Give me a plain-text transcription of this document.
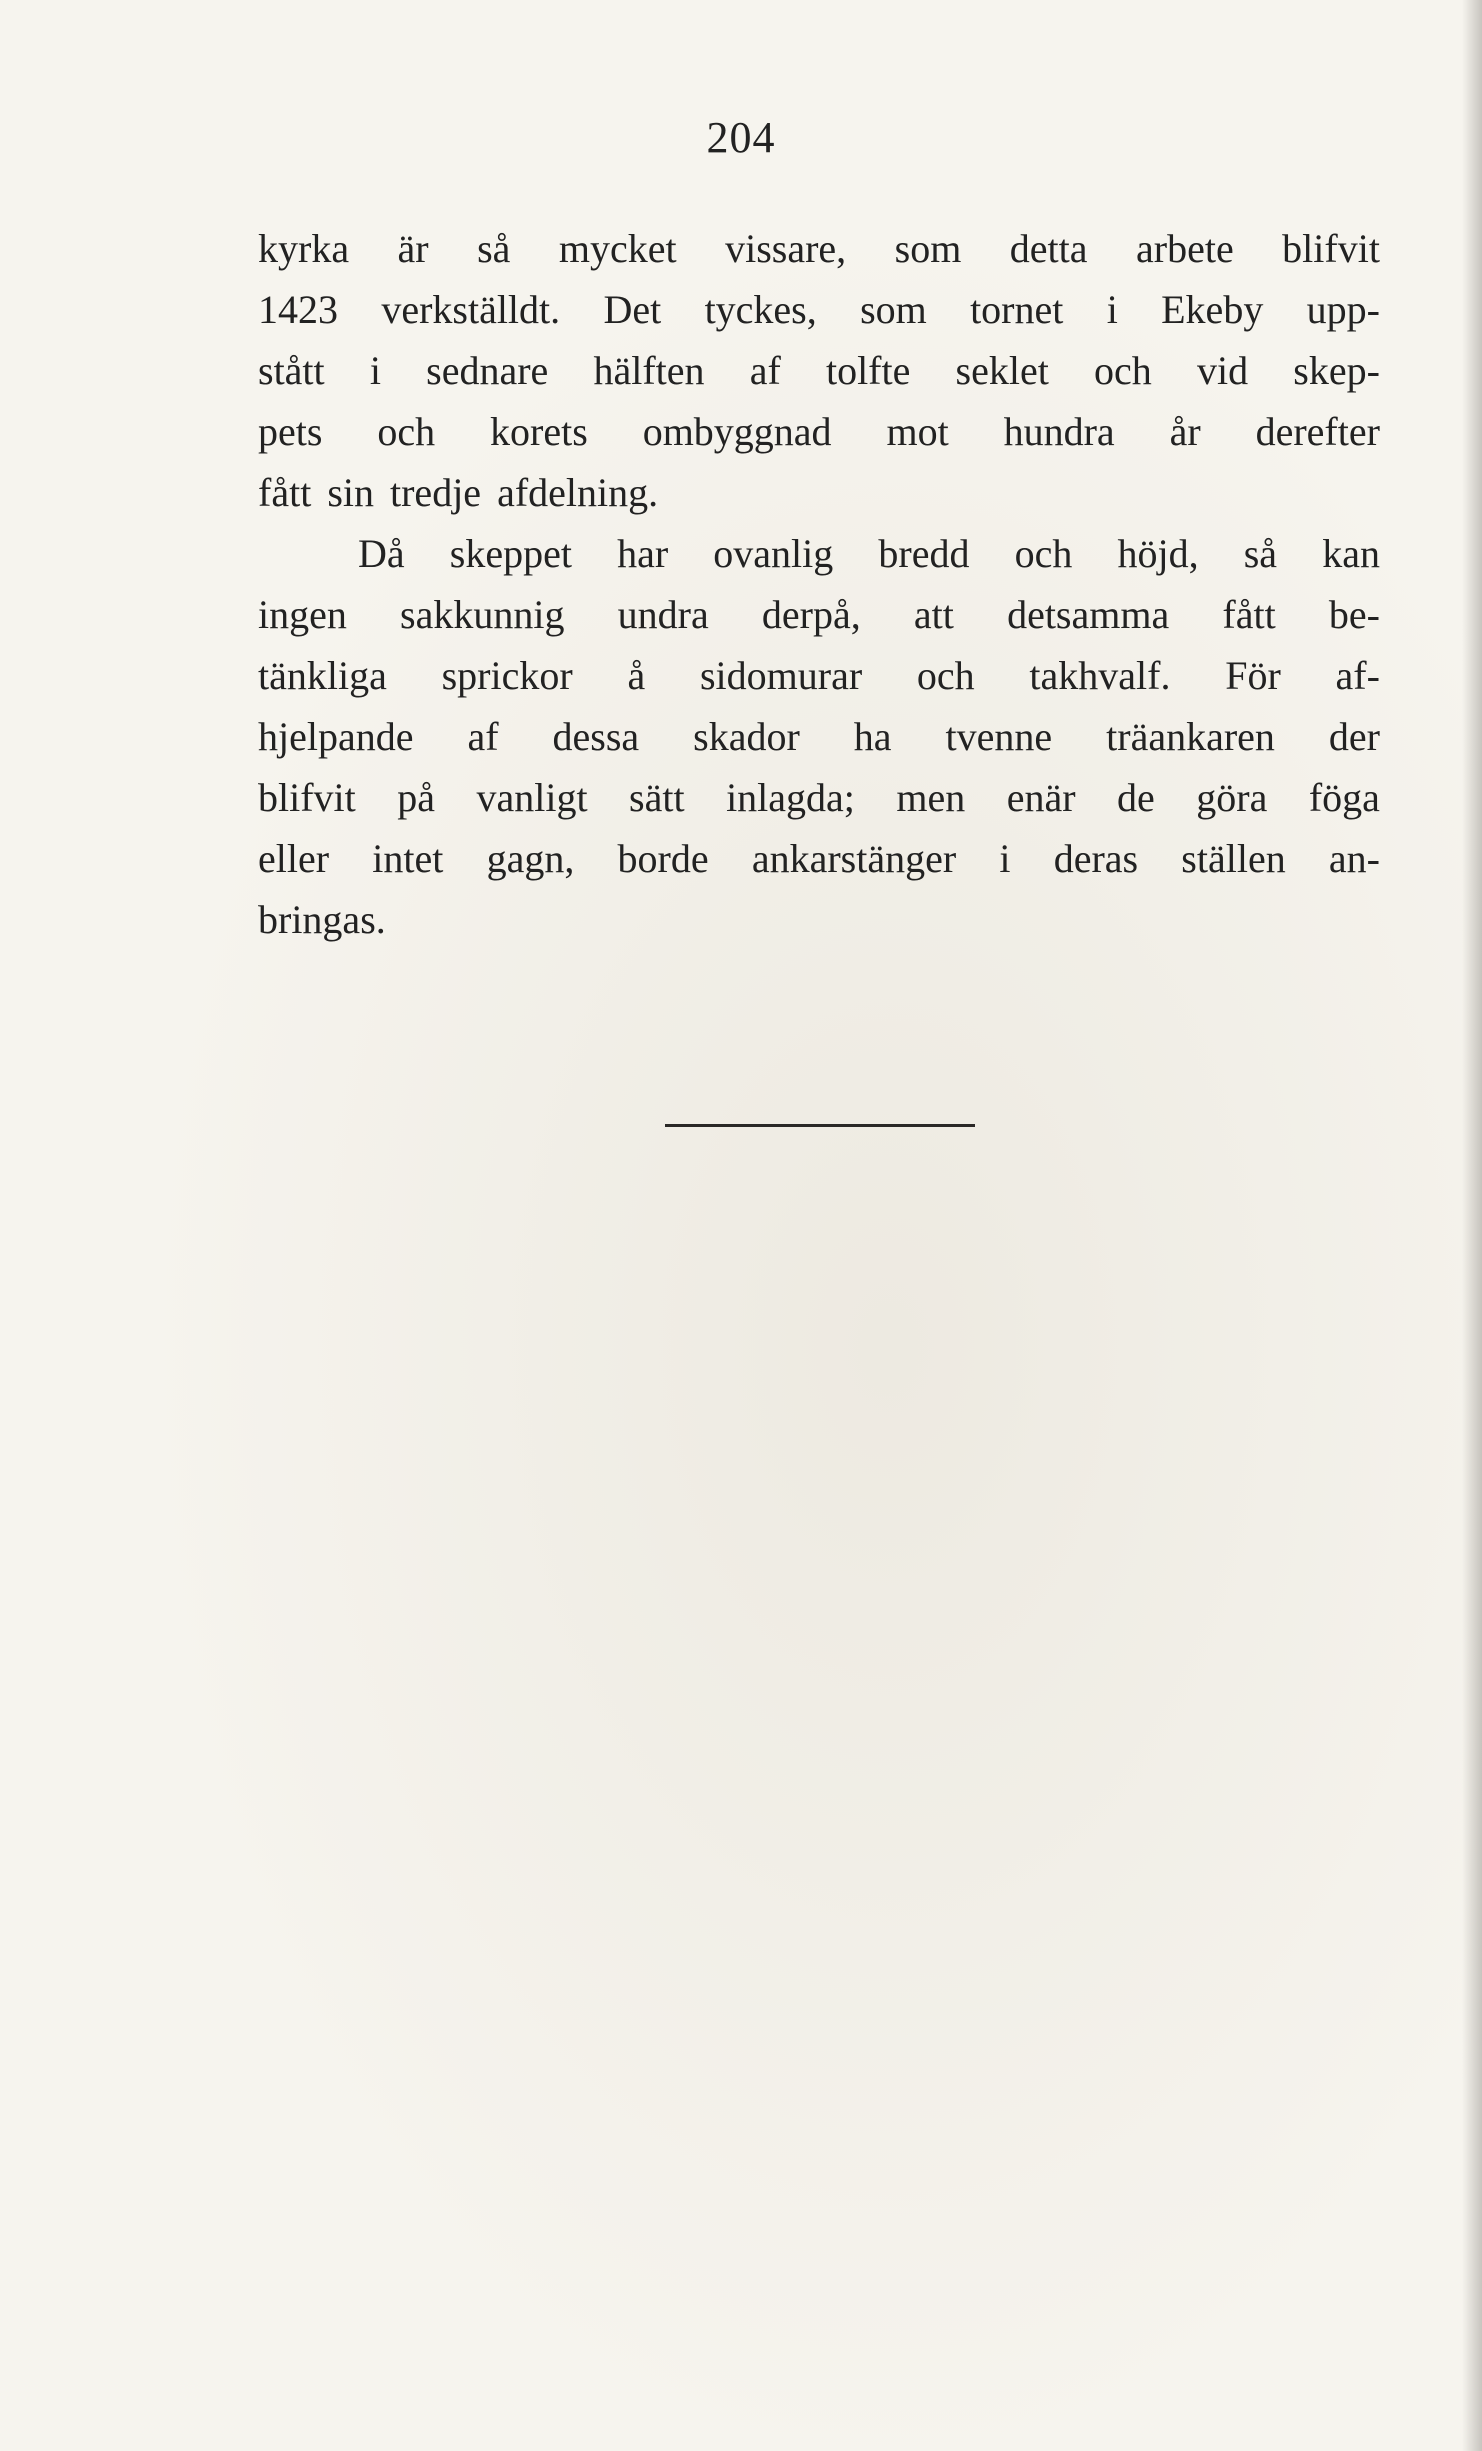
204
kyrka är så mycket vissare, som detta arbete blifvit
1423 verkställdt. Det tyckes, som tornet i Ekeby upp-
stått i sednare hälften af tolfte seklet och vid skep-
pets och korets ombyggnad mot hundra år derefter
fått sin tredje afdelning.
Då skeppet har ovanlig bredd och höjd, så kan
ingen sakkunnig undra derpå, att detsamma fått be-
tänkliga sprickor å sidomurar och takhvalf. För af-
hjelpande af dessa skador ha tvenne träankaren der
blifvit på vanligt sätt inlagda; men enär de göra föga
eller intet gagn, borde ankarstänger i deras ställen an-
bringas.
